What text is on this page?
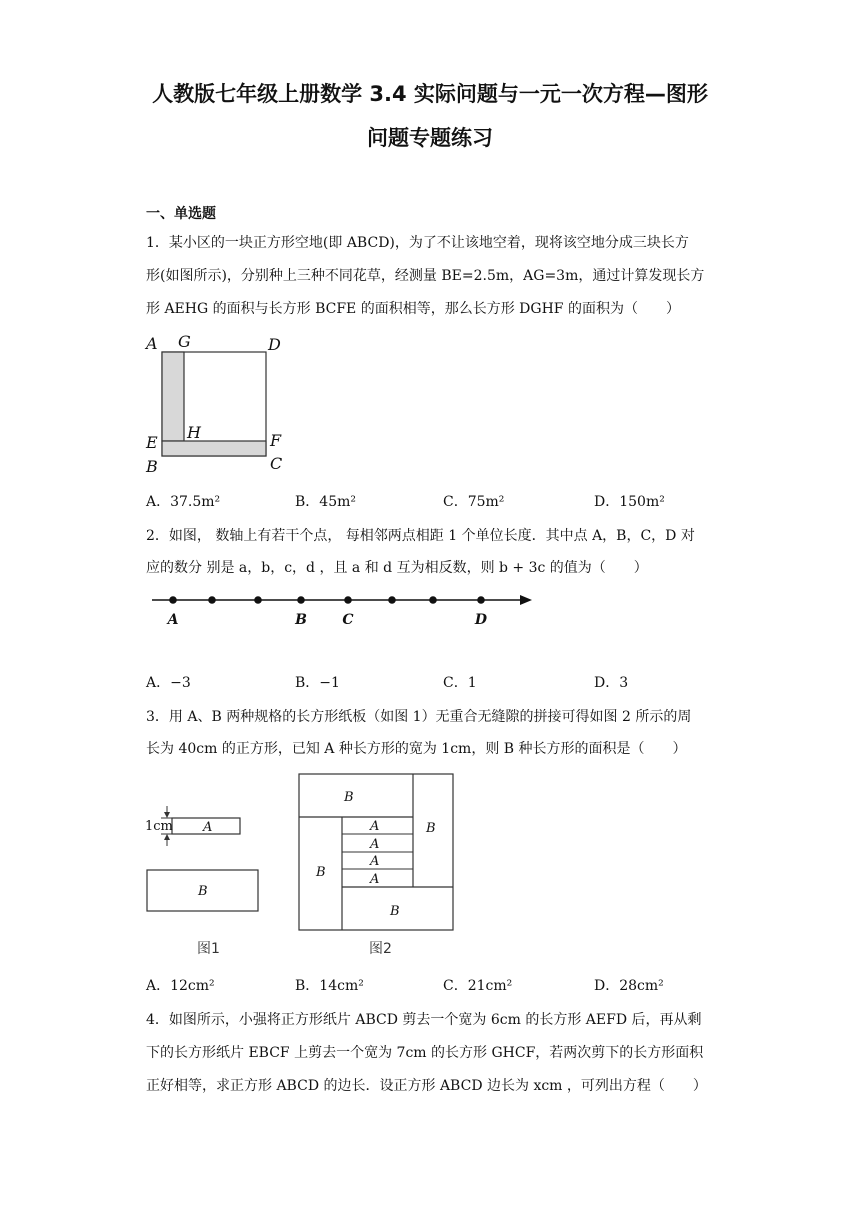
人教版七年级上册数学 3.4 实际问题与一元一次方程—图形
问题专题练习
一、单选题
1．某小区的一块正方形空地(即 ABCD)，为了不让该地空着，现将该空地分成三块长方
形(如图所示)，分别种上三种不同花草，经测量 BE=2.5m，AG=3m，通过计算发现长方
形 AEHG 的面积与长方形 BCFE 的面积相等，那么长方形 DGHF 的面积为（　　）
A G	D
E
H	F
B	C
A．37.5m²	B．45m²	C．75m²	D．150m²
2．如图， 数轴上有若干个点， 每相邻两点相距 1 个单位长度．其中点 A，B，C，D 对
应的数分 别是 a，b，c，d ，且 a 和 d 互为相反数，则 b + 3c 的值为（　　）
A	B	C	D
A．−3	B．−1	C．1	D．3
3．用 A、B 两种规格的长方形纸板（如图 1）无重合无缝隙的拼接可得如图 2 所示的周
长为 40cm 的正方形，已知 A 种长方形的宽为 1cm，则 B 种长方形的面积是（　　）
1cm A
B
图1
B
B
B
B
A
A
A
A
图2
A．12cm²	B．14cm²	C．21cm²	D．28cm²
4．如图所示，小强将正方形纸片 ABCD 剪去一个宽为 6cm 的长方形 AEFD 后，再从剩
下的长方形纸片 EBCF 上剪去一个宽为 7cm 的长方形 GHCF，若两次剪下的长方形面积
正好相等，求正方形 ABCD 的边长．设正方形 ABCD 边长为 xcm ，可列出方程（　　）
